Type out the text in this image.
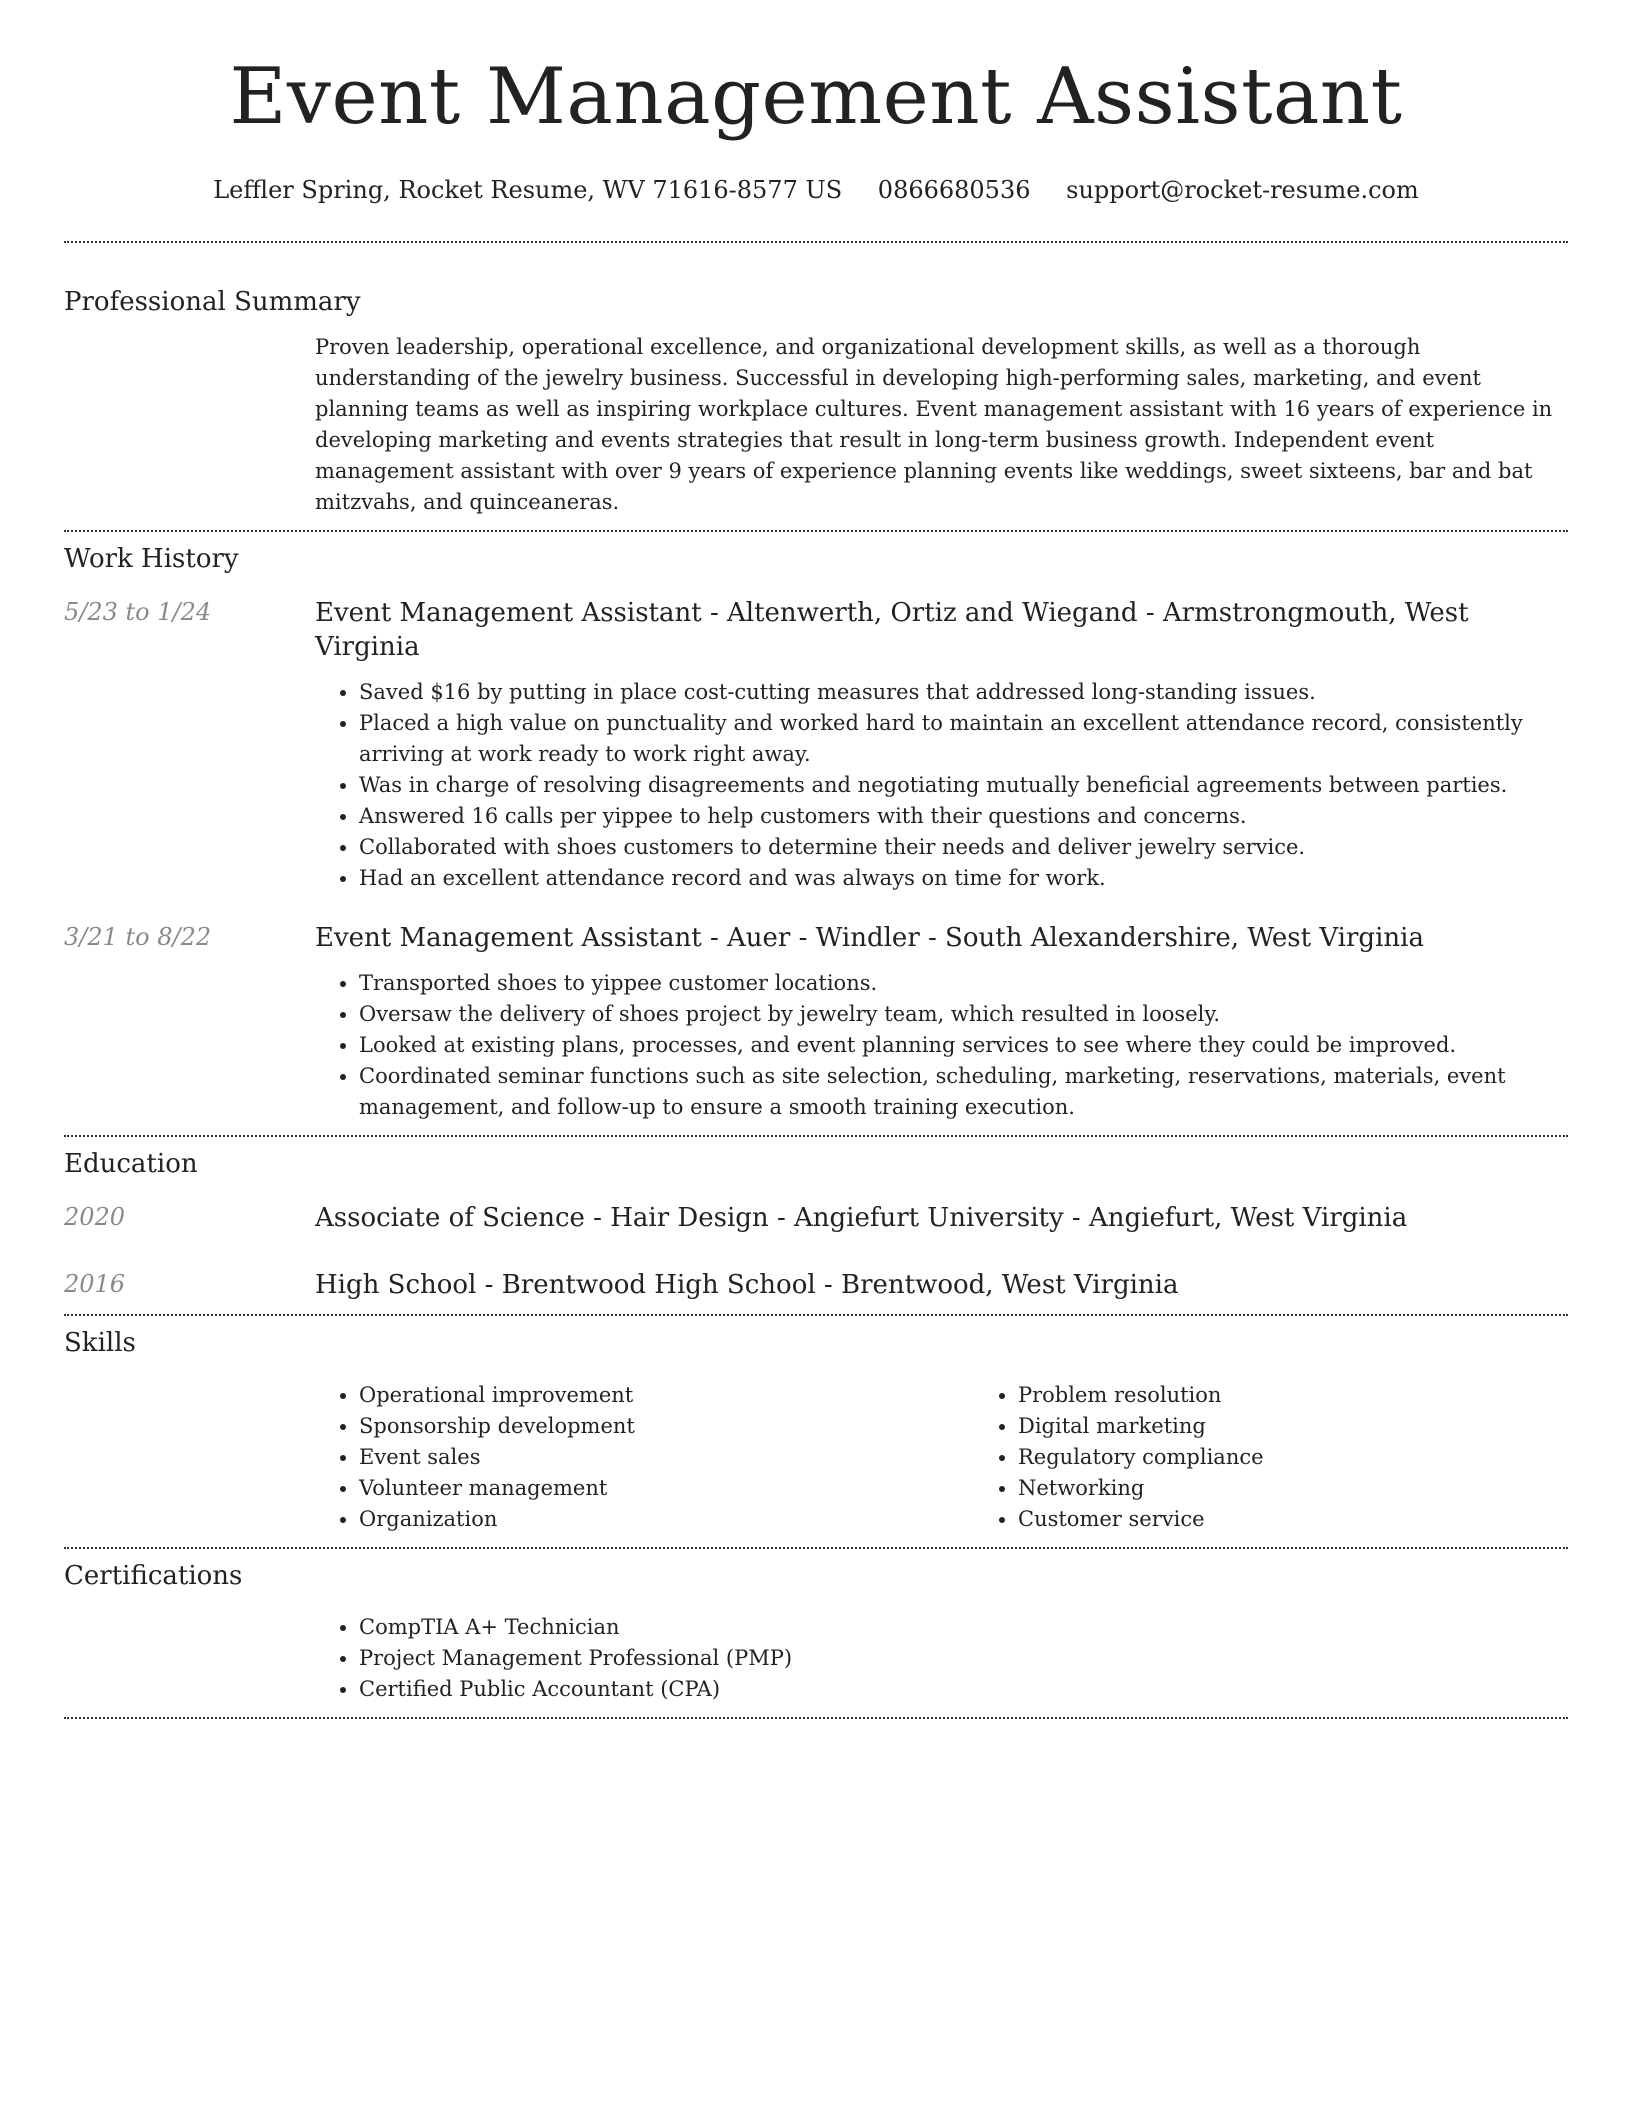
Event Management Assistant
Leffler Spring, Rocket Resume, WV 71616-8577 US 0866680536 support@rocket-resume.com
Professional Summary
Proven leadership, operational excellence, and organizational development skills, as well as a thorough understanding of the jewelry business. Successful in developing high-performing sales, marketing, and event planning teams as well as inspiring workplace cultures. Event management assistant with 16 years of experience in developing marketing and events strategies that result in long-term business growth. Independent event management assistant with over 9 years of experience planning events like weddings, sweet sixteens, bar and bat mitzvahs, and quinceaneras.
Work History
5/23 to 1/24	Event Management Assistant - Altenwerth, Ortiz and Wiegand - Armstrongmouth, West Virginia
• Saved $16 by putting in place cost-cutting measures that addressed long-standing issues.
• Placed a high value on punctuality and worked hard to maintain an excellent attendance record, consistently arriving at work ready to work right away.
• Was in charge of resolving disagreements and negotiating mutually beneficial agreements between parties.
• Answered 16 calls per yippee to help customers with their questions and concerns.
• Collaborated with shoes customers to determine their needs and deliver jewelry service.
• Had an excellent attendance record and was always on time for work.
3/21 to 8/22	Event Management Assistant - Auer - Windler - South Alexandershire, West Virginia
• Transported shoes to yippee customer locations.
• Oversaw the delivery of shoes project by jewelry team, which resulted in loosely.
• Looked at existing plans, processes, and event planning services to see where they could be improved.
• Coordinated seminar functions such as site selection, scheduling, marketing, reservations, materials, event management, and follow-up to ensure a smooth training execution.
Education
2020	Associate of Science - Hair Design - Angiefurt University - Angiefurt, West Virginia
2016	High School - Brentwood High School - Brentwood, West Virginia
Skills
• Operational improvement
• Sponsorship development
• Event sales
• Volunteer management
• Organization
• Problem resolution
• Digital marketing
• Regulatory compliance
• Networking
• Customer service
Certifications
• CompTIA A+ Technician
• Project Management Professional (PMP)
• Certified Public Accountant (CPA)
